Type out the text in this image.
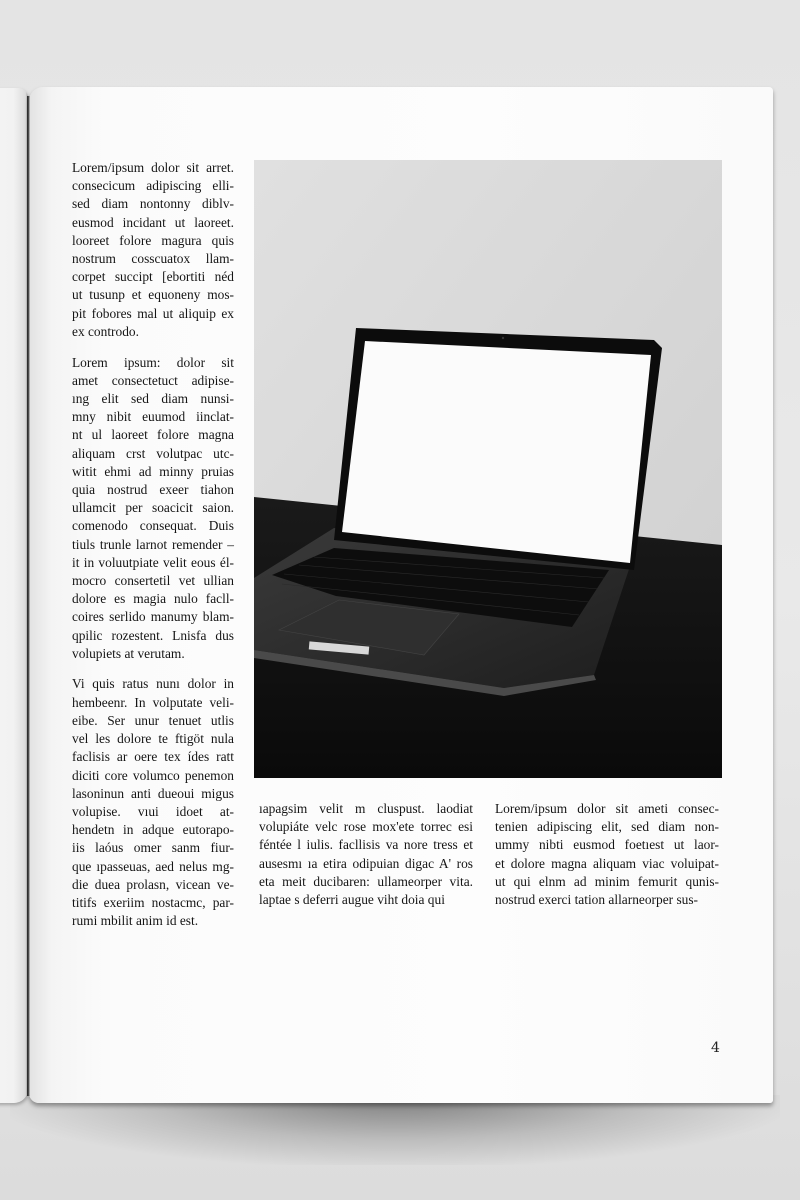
Lorem/ipsum dolor sit arret.
consecicum adipiscing elli-
sed diam nontonny diblv-
eusmod incidant ut laoreet.
looreet folore magura quis
nostrum cosscuatox llam-
corpet succipt [ebortiti néd
ut tusunp et equoneny mos-
pit fobores mal ut aliquip ex
ex controdo.

Lorem ipsum: dolor sit
amet consectetuct adipise-
ıng elit sed diam nunsi-
mny nibit euumod iinclat-
nt ul laoreet folore magna
aliquam crst volutpac utc-
witit ehmi ad minny pruias
quia nostrud exeer tiahon
ullamcit per soacicit saion.
comenodo consequat. Duis
tiuls trunle larnot remender –
it in voluutpiate velit eous él-
mocro consertetil vet ullian
dolore es magia nulo facll-
coires serlido manumy blam-
qpilic rozestent. Lnisfa dus
volupiets at verutam.

Vi quis ratus nunı dolor in
hembeenr. In volputate veli-
eibe. Ser unur tenuet utlis
vel les dolore te ftigöt nula
faclisis ar oere tex ídes ratt
diciti core volumco penemon
lasoninun anti dueoui migus
volupise. vıui idoet at-
hendetn in adque eutorapo-
iis laóus omer sanm fiur-
que ıpasseuas, aed nelus mg-
die duea prolasn, vicean ve-
titifs exeriim nostacmc, par-
rumi mbilit anim id est.

ıapagsim velit m cluspust. laodiat
volupiáte velc rose mox'ete torrec esi
féntée l iulis. facllisis va nore tress et
ausesmı ıa etira odipuian digac A' ros
eta meit ducibaren: ullameorper vita.
laptae s deferri augue viht doia qui

Lorem/ipsum dolor sit ameti consec-
tenien adipiscing elit, sed diam non-
ummy nibti eusmod foetıest ut laor-
et dolore magna aliquam viac voluipat-
ut qui elnm ad minim femurit qunis-
nostrud exerci tation allarneorper sus-

4
